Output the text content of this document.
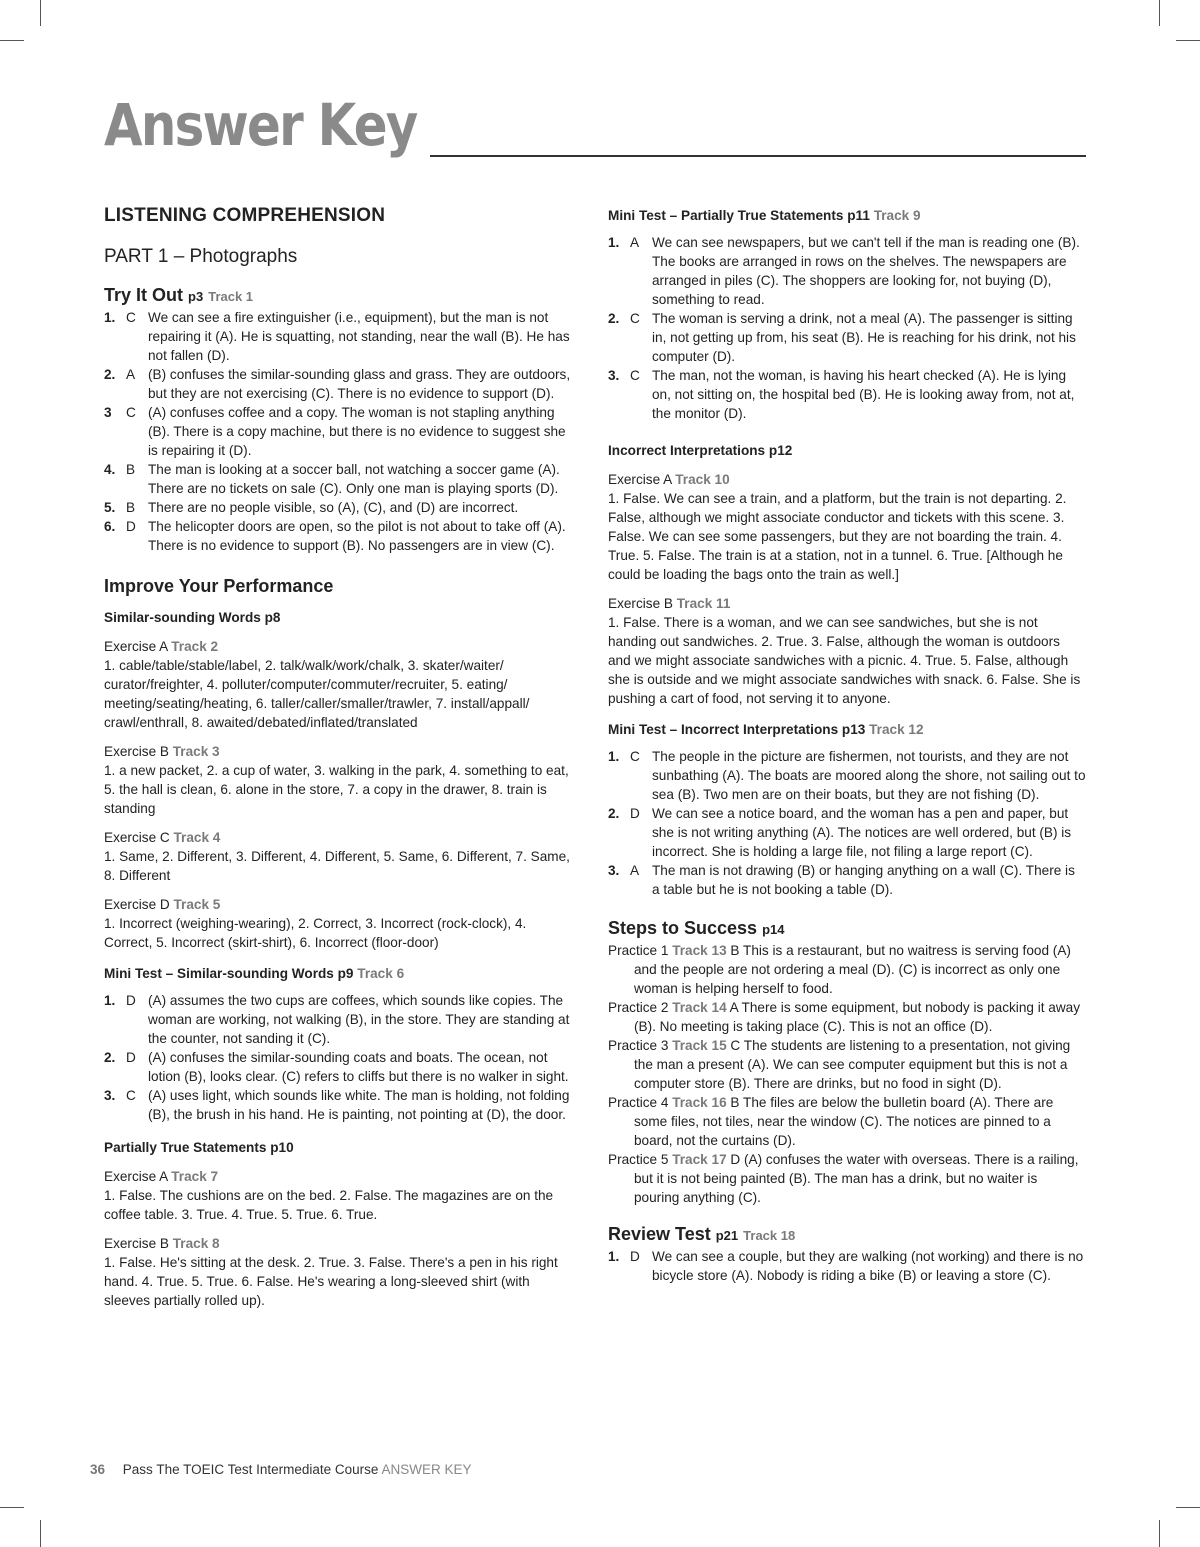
Answer Key
LISTENING COMPREHENSION
PART 1 – Photographs
Try It Out p3 Track 1
1. C We can see a fire extinguisher (i.e., equipment), but the man is not repairing it (A). He is squatting, not standing, near the wall (B). He has not fallen (D).
2. A (B) confuses the similar-sounding glass and grass. They are outdoors, but they are not exercising (C). There is no evidence to support (D).
3	C (A) confuses coffee and a copy. The woman is not stapling anything (B). There is a copy machine, but there is no evidence to suggest she is repairing it (D).
4. B The man is looking at a soccer ball, not watching a soccer game (A). There are no tickets on sale (C). Only one man is playing sports (D).
5. B There are no people visible, so (A), (C), and (D) are incorrect.
6. D The helicopter doors are open, so the pilot is not about to take off (A). There is no evidence to support (B). No passengers are in view (C).
Improve Your Performance
Similar-sounding Words p8
Exercise A Track 2

1. cable/table/stable/label, 2. talk/walk/work/chalk, 3. skater/waiter/ curator/freighter, 4. polluter/computer/commuter/recruiter, 5. eating/ meeting/seating/heating, 6. taller/caller/smaller/trawler, 7. install/appall/ crawl/enthrall, 8. awaited/debated/inflated/translated

Exercise B Track 3

1. a new packet, 2. a cup of water, 3. walking in the park, 4. something to eat, 5. the hall is clean, 6. alone in the store, 7. a copy in the drawer, 8. train is standing

Exercise C Track 4

1. Same, 2. Different, 3. Different, 4. Different, 5. Same, 6. Different, 7. Same, 8. Different

Exercise D Track 5

1. Incorrect (weighing-wearing), 2. Correct, 3. Incorrect (rock-clock), 4. Correct, 5. Incorrect (skirt-shirt), 6. Incorrect (floor-door)

Mini Test – Similar-sounding Words p9 Track 6
1. D (A) assumes the two cups are coffees, which sounds like copies. The woman are working, not walking (B), in the store. They are standing at the counter, not sanding it (C).
2. D (A) confuses the similar-sounding coats and boats. The ocean, not lotion (B), looks clear. (C) refers to cliffs but there is no walker in sight.
3. C (A) uses light, which sounds like white. The man is holding, not folding (B), the brush in his hand. He is painting, not pointing at (D), the door.
Partially True Statements p10
Exercise A Track 7

1. False. The cushions are on the bed. 2. False. The magazines are on the coffee table. 3. True. 4. True. 5. True. 6. True.

Exercise B Track 8

1. False. He's sitting at the desk. 2. True. 3. False. There's a pen in his right hand. 4. True. 5. True. 6. False. He's wearing a long-sleeved shirt (with sleeves partially rolled up).

Mini Test – Partially True Statements p11 Track 9
1. A We can see newspapers, but we can't tell if the man is reading one (B). The books are arranged in rows on the shelves. The newspapers are arranged in piles (C). The shoppers are looking for, not buying (D), something to read.
2. C The woman is serving a drink, not a meal (A). The passenger is sitting in, not getting up from, his seat (B). He is reaching for his drink, not his computer (D).
3. C The man, not the woman, is having his heart checked (A). He is lying on, not sitting on, the hospital bed (B). He is looking away from, not at, the monitor (D).
Incorrect Interpretations p12
Exercise A Track 10

1. False. We can see a train, and a platform, but the train is not departing. 2. False, although we might associate conductor and tickets with this scene. 3. False. We can see some passengers, but they are not boarding the train. 4. True. 5. False. The train is at a station, not in a tunnel. 6. True. [Although he could be loading the bags onto the train as well.]

Exercise B Track 11

1. False. There is a woman, and we can see sandwiches, but she is not handing out sandwiches. 2. True. 3. False, although the woman is outdoors and we might associate sandwiches with a picnic. 4. True. 5. False, although she is outside and we might associate sandwiches with snack. 6. False. She is pushing a cart of food, not serving it to anyone.

Mini Test – Incorrect Interpretations p13 Track 12
1. C The people in the picture are fishermen, not tourists, and they are not sunbathing (A). The boats are moored along the shore, not sailing out to sea (B). Two men are on their boats, but they are not fishing (D).
2. D We can see a notice board, and the woman has a pen and paper, but she is not writing anything (A). The notices are well ordered, but (B) is incorrect. She is holding a large file, not filing a large report (C).
3. A The man is not drawing (B) or hanging anything on a wall (C). There is a table but he is not booking a table (D).
Steps to Success p14

Practice 1 Track 13 B This is a restaurant, but no waitress is serving food (A) and the people are not ordering a meal (D). (C) is incorrect as only one woman is helping herself to food.

Practice 2 Track 14 A There is some equipment, but nobody is packing it away (B). No meeting is taking place (C). This is not an office (D).

Practice 3 Track 15 C The students are listening to a presentation, not giving the man a present (A). We can see computer equipment but this is not a computer store (B). There are drinks, but no food in sight (D).

Practice 4 Track 16 B The files are below the bulletin board (A). There are some files, not tiles, near the window (C). The notices are pinned to a board, not the curtains (D).

Practice 5 Track 17 D (A) confuses the water with overseas. There is a railing, but it is not being painted (B). The man has a drink, but no waiter is pouring anything (C).

Review Test p21 Track 18
1. D We can see a couple, but they are walking (not working) and there is no bicycle store (A). Nobody is riding a bike (B) or leaving a store (C).
36 Pass The TOEIC Test Intermediate Course ANSWER KEY
